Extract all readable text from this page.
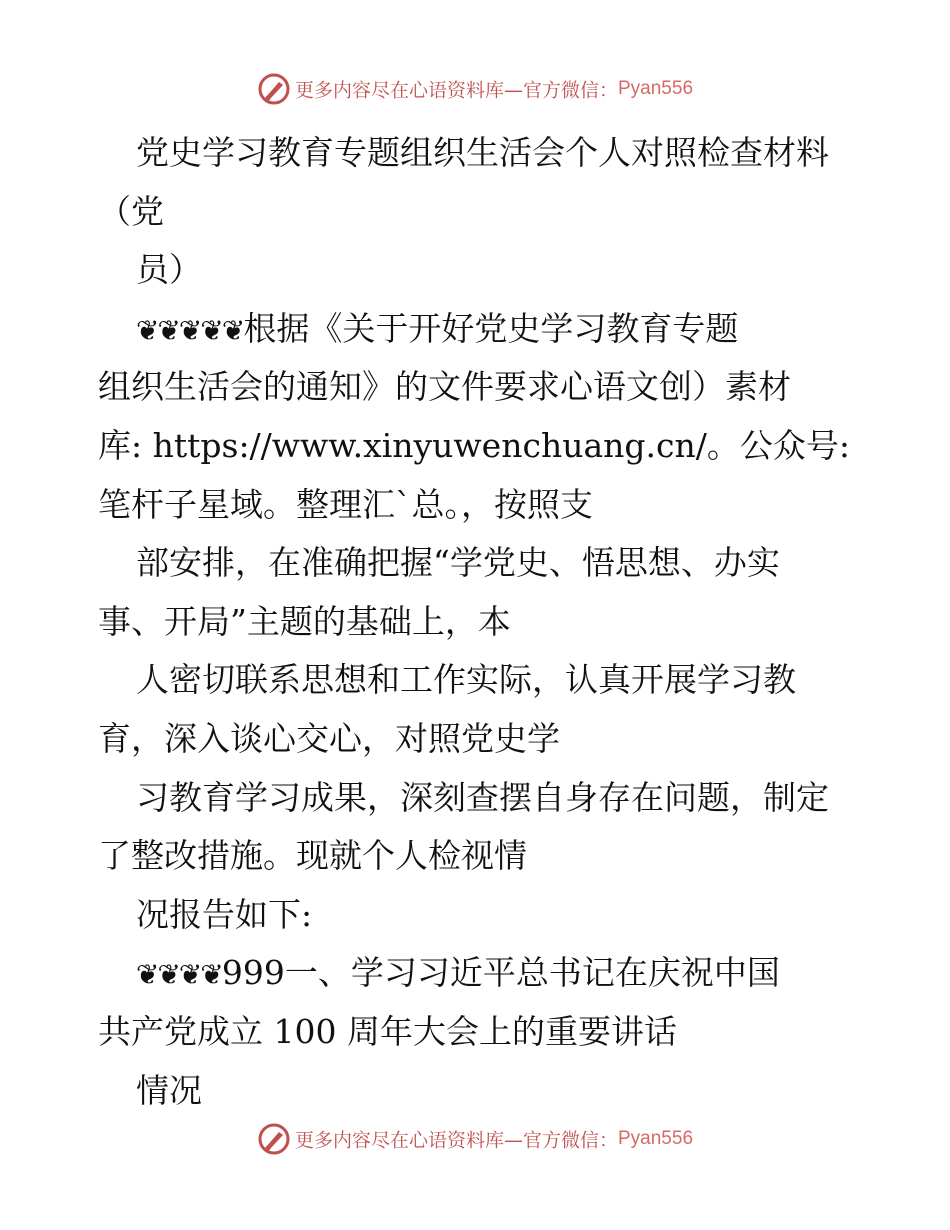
更多内容尽在心语资料库—官方微信：Pyan556
党史学习教育专题组织生活会个人对照检查材料
（党
员）
❦❦❦❦❦根据《关于开好党史学习教育专题
组织生活会的通知》的文件要求心语文创）素材
库: https://www.xinyuwenchuang.cn/。公众号:
笔杆子星域。整理汇`总。，按照支
部安排，在准确把握“学党史、悟思想、办实
事、开局”主题的基础上，本
人密切联系思想和工作实际，认真开展学习教
育，深入谈心交心，对照党史学
习教育学习成果，深刻查摆自身存在问题，制定
了整改措施。现就个人检视情
况报告如下:
❦❦❦❦999一、学习习近平总书记在庆祝中国
共产党成立 100 周年大会上的重要讲话
情况
更多内容尽在心语资料库—官方微信：Pyan556
